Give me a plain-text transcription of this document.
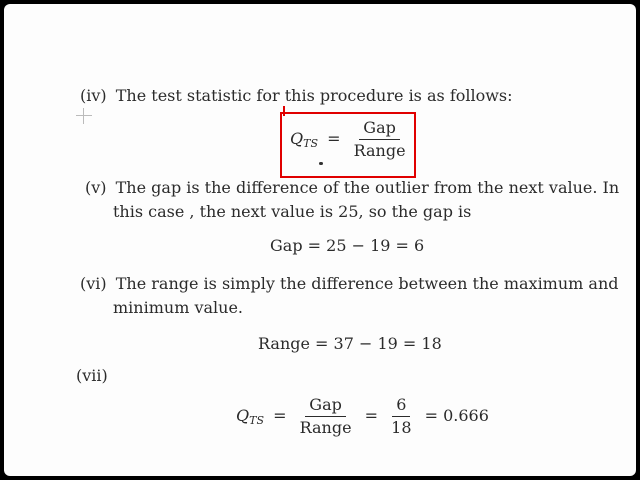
(iv) The test statistic for this procedure is as follows:
$Q_{TS} = \frac{\text{Gap}}{\text{Range}}$
(v) The gap is the difference of the outlier from the next value. In
this case , the next value is 25, so the gap is
Gap = 25 − 19 = 6
(vi) The range is simply the difference between the maximum and
minimum value.
Range = 37 − 19 = 18
(vii)
$Q_{TS} = \frac{\text{Gap}}{\text{Range}} = \frac{6}{18} = 0.666$
